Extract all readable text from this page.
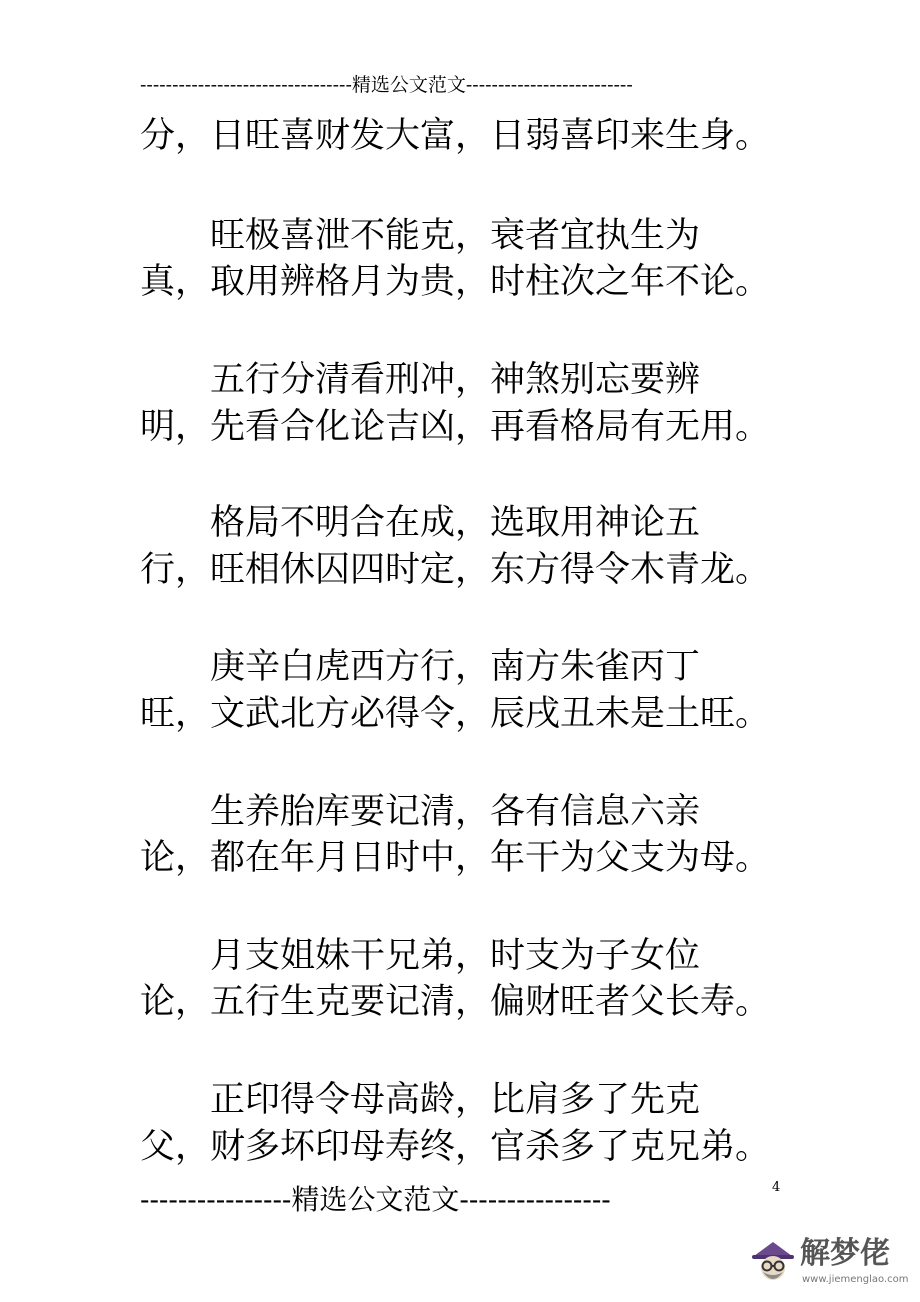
---------------------------------精选公文范文--------------------------
分，日旺喜财发大富，日弱喜印来生身。
　　旺极喜泄不能克，衰者宜执生为
真，取用辨格月为贵，时柱次之年不论。
　　五行分清看刑冲，神煞别忘要辨
明，先看合化论吉凶，再看格局有无用。
　　格局不明合在成，选取用神论五
行，旺相休囚四时定，东方得令木青龙。
　　庚辛白虎西方行，南方朱雀丙丁
旺，文武北方必得令，辰戌丑未是土旺。
　　生养胎库要记清，各有信息六亲
论，都在年月日时中，年干为父支为母。
　　月支姐妹干兄弟，时支为子女位
论，五行生克要记清，偏财旺者父长寿。
　　正印得令母高龄，比肩多了先克
父，财多坏印母寿终，官杀多了克兄弟。
----------------精选公文范文----------------	4
解梦佬
www.jiemenglao.com
